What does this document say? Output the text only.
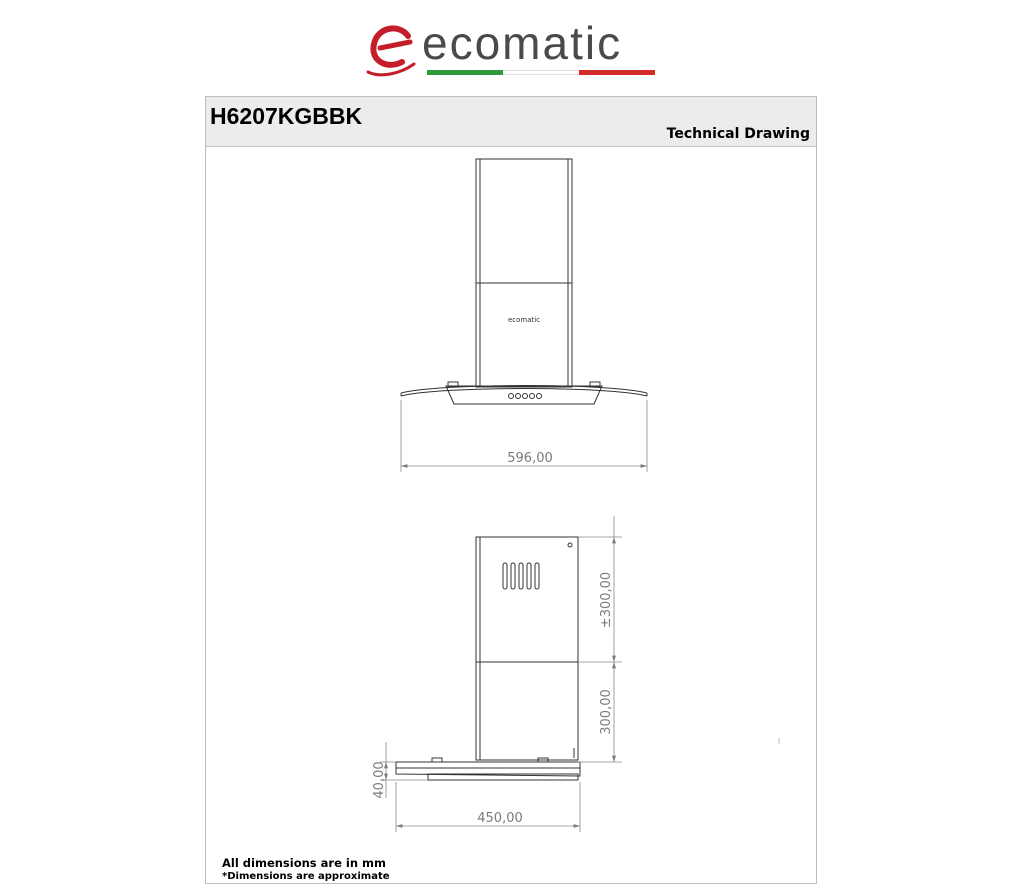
ecomatic
H6207KGBBK
Technical Drawing
ecomatic
596,00
±300,00
300,00
40,00
450,00
All dimensions are in mm
*Dimensions are approximate
